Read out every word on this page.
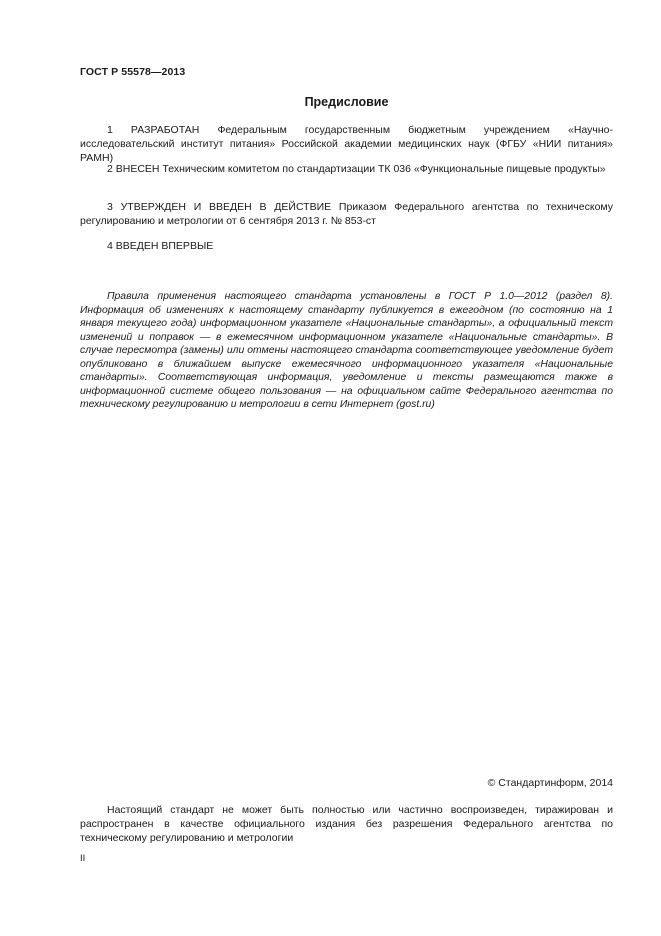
ГОСТ Р 55578—2013
Предисловие

1 РАЗРАБОТАН Федеральным государственным бюджетным учреждением «Научно-исследовательский институт питания» Российской академии медицинских наук (ФГБУ «НИИ питания» РАМН)

2 ВНЕСЕН Техническим комитетом по стандартизации ТК 036 «Функциональные пищевые продукты»

3 УТВЕРЖДЕН И ВВЕДЕН В ДЕЙСТВИЕ Приказом Федерального агентства по техническому регулированию и метрологии от 6 сентября 2013 г. № 853-ст

4 ВВЕДЕН ВПЕРВЫЕ

Правила применения настоящего стандарта установлены в ГОСТ Р 1.0—2012 (раздел 8). Информация об изменениях к настоящему стандарту публикуется в ежегодном (по состоянию на 1 января текущего года) информационном указателе «Национальные стандарты», а официальный текст изменений и поправок — в ежемесячном информационном указателе «Национальные стандарты». В случае пересмотра (замены) или отмены настоящего стандарта соответствующее уведомление будет опубликовано в ближайшем выпуске ежемесячного информационного указателя «Национальные стандарты». Соответствующая информация, уведомление и тексты размещаются также в информационной системе общего пользования — на официальном сайте Федерального агентства по техническому регулированию и метрологии в сети Интернет (gost.ru)

© Стандартинформ, 2014

Настоящий стандарт не может быть полностью или частично воспроизведен, тиражирован и распространен в качестве официального издания без разрешения Федерального агентства по техническому регулированию и метрологии

II
